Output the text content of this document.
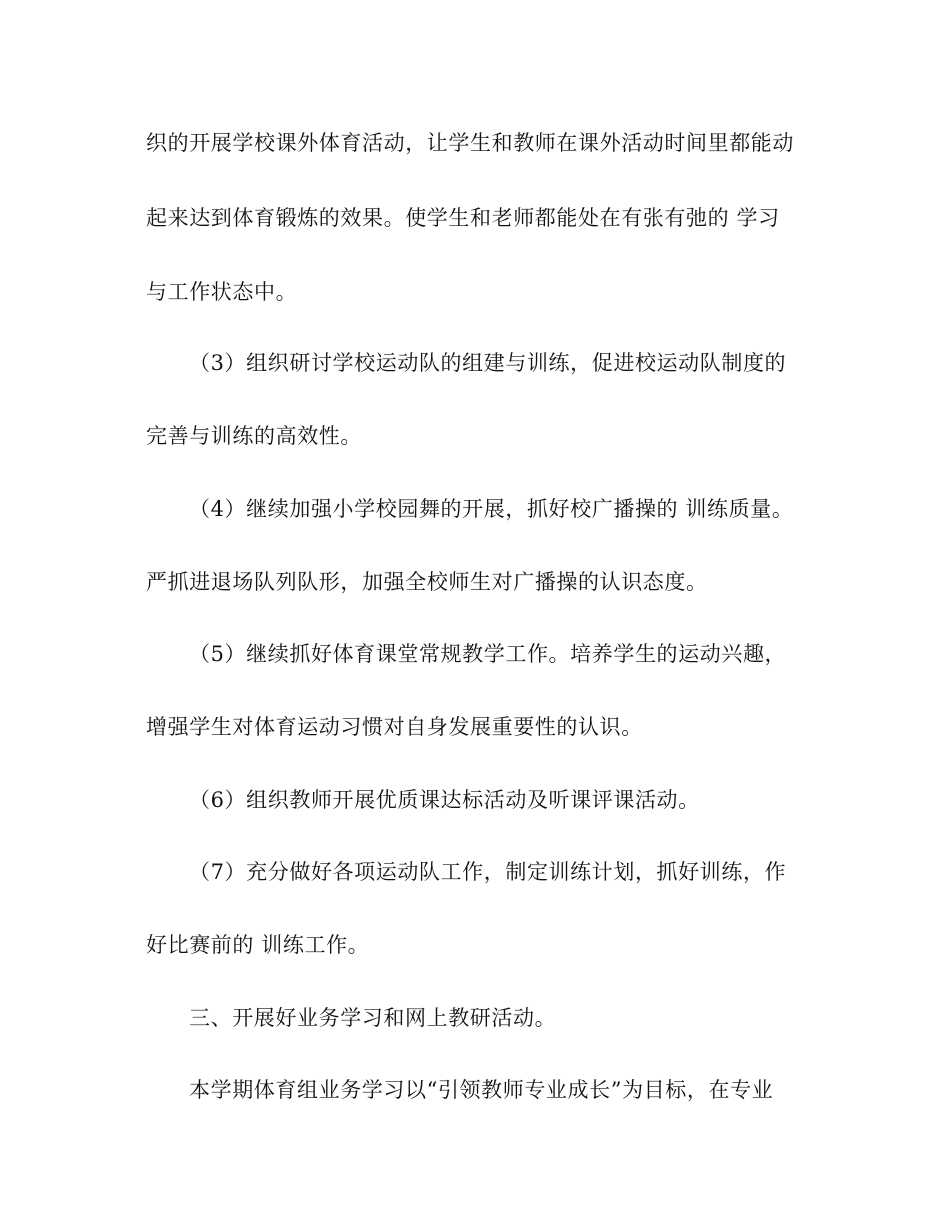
织的开展学校课外体育活动，让学生和教师在课外活动时间里都能动

起来达到体育锻炼的效果。使学生和老师都能处在有张有弛的 学习

与工作状态中。

（3）组织研讨学校运动队的组建与训练，促进校运动队制度的

完善与训练的高效性。

（4）继续加强小学校园舞的开展，抓好校广播操的 训练质量。

严抓进退场队列队形，加强全校师生对广播操的认识态度。

（5）继续抓好体育课堂常规教学工作。培养学生的运动兴趣，

增强学生对体育运动习惯对自身发展重要性的认识。

（6）组织教师开展优质课达标活动及听课评课活动。

（7）充分做好各项运动队工作，制定训练计划，抓好训练，作

好比赛前的 训练工作。

三、开展好业务学习和网上教研活动。

本学期体育组业务学习以“引领教师专业成长”为目标，在专业
